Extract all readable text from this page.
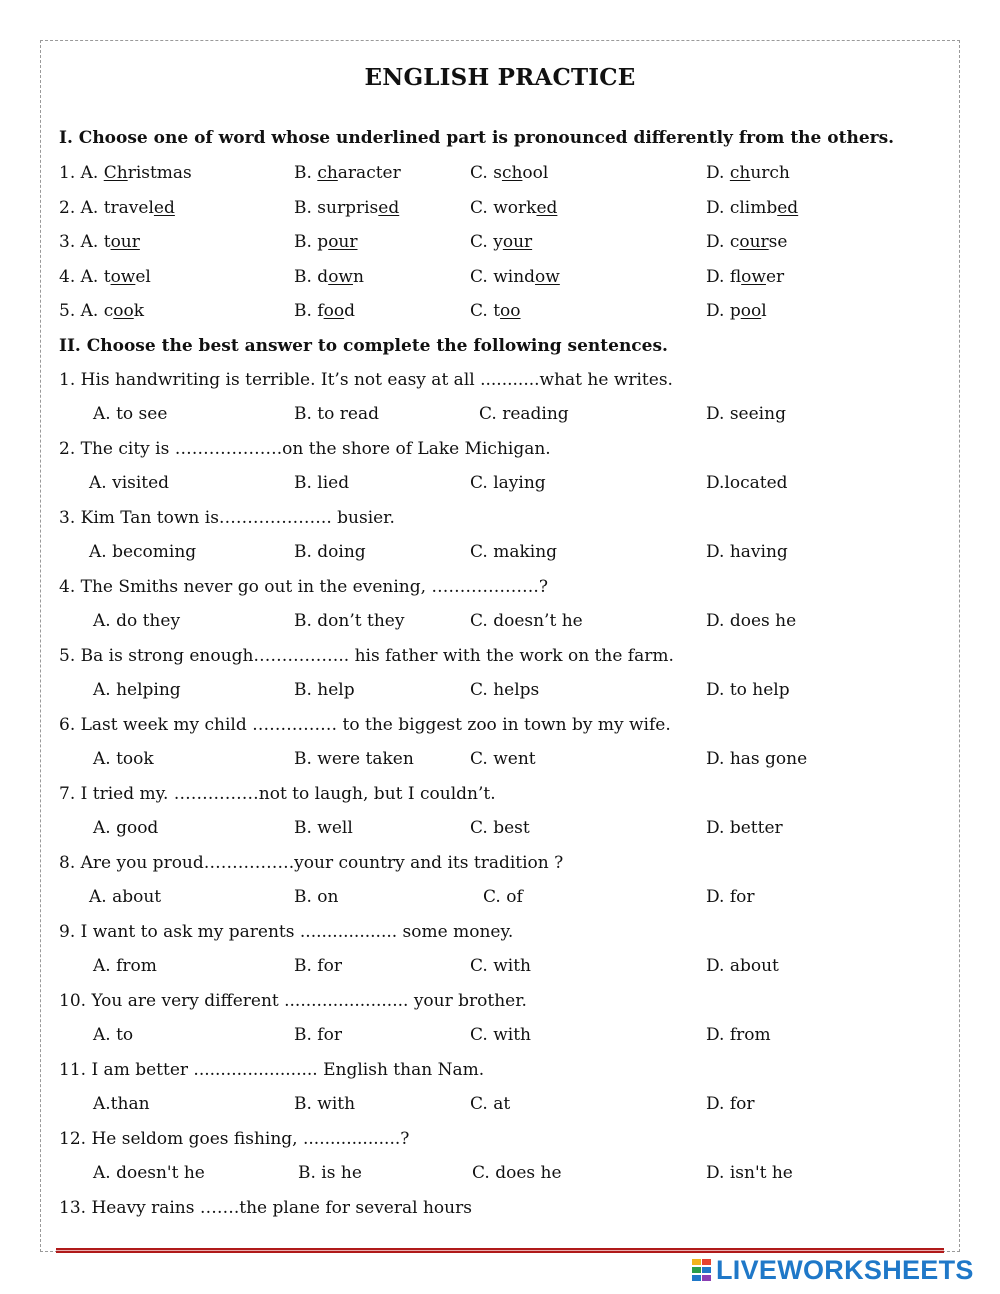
ENGLISH PRACTICE
I. Choose one of word whose underlined part is pronounced differently from the others.
1. A. Christmas	B. character	C. school	D. church
2. A. traveled	B. surprised	C. worked	D. climbed
3. A. tour	B. pour	C. your	D. course
4. A. towel	B. down	C. window	D. flower
5. A. cook	B. food	C. too	D. pool
II. Choose the best answer to complete the following sentences.
1. His handwriting is terrible. It’s not easy at all ...........what he writes.
A. to see	B. to read	C. reading	D. seeing
2. The city is ……………….on the shore of Lake Michigan.
A. visited	B. lied	C. laying	D.located
3. Kim Tan town is……………….. busier.
A. becoming	B. doing	C. making	D. having
4. The Smiths never go out in the evening, ……………….?
A. do they	B. don’t they	C. doesn’t he	D. does he
5. Ba is strong enough…………….. his father with the work on the farm.
A. helping	B. help	C. helps	D. to help
6. Last week my child …………… to the biggest zoo in town by my wife.
A. took	B. were taken	C. went	D. has gone
7. I tried my. ……………not to laugh, but I couldn’t.
A. good	B. well	C. best	D. better
8. Are you proud…………….your country and its tradition ?
A. about	B. on	C. of	D. for
9. I want to ask my parents .................. some money.
A. from	B. for	C. with	D. about
10. You are very different ....................... your brother.
A. to	B. for	C. with	D. from
11. I am better ....................... English than Nam.
A.than	B. with	C. at	D. for
12. He seldom goes fishing, ..................?
A. doesn't he	B. is he	C. does he	D. isn't he
13. Heavy rains …….the plane for several hours
LIVEWORKSHEETS
